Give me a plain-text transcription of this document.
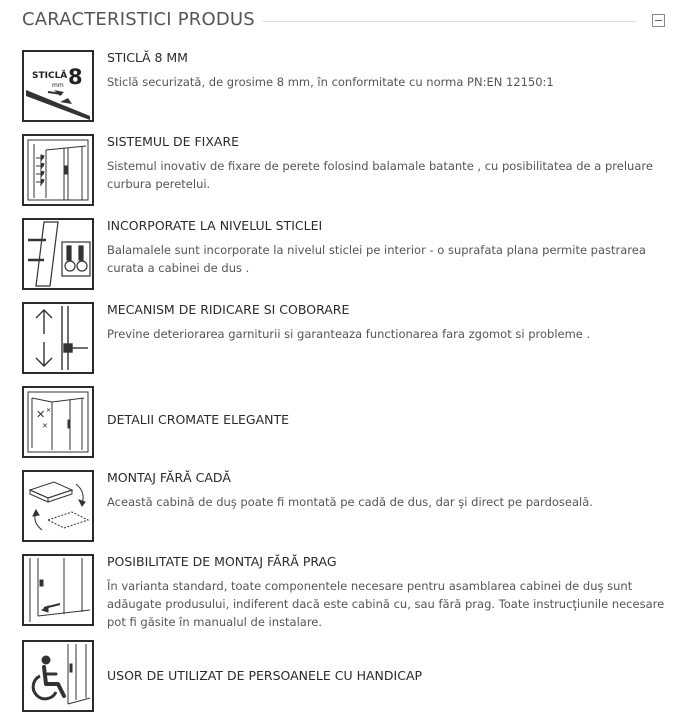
CARACTERISTICI PRODUS
STICLĂ 8
mm
STICLĂ 8 MM
Sticlă securizată, de grosime 8 mm, în conformitate cu norma PN:EN 12150:1
SISTEMUL DE FIXARE
Sistemul inovativ de fixare de perete folosind balamale batante , cu posibilitatea de a preluare curbura peretelui.
INCORPORATE LA NIVELUL STICLEI
Balamalele sunt incorporate la nivelul sticlei pe interior - o suprafata plana permite pastrarea curata a cabinei de dus .
MECANISM DE RIDICARE SI COBORARE
Previne deteriorarea garniturii si garanteaza functionarea fara zgomot si probleme .
✕
✕
✕
DETALII CROMATE ELEGANTE
MONTAJ FĂRĂ CADĂ
Această cabină de duş poate fi montată pe cadă de dus, dar şi direct pe pardoseală.
POSIBILITATE DE MONTAJ FĂRĂ PRAG
În varianta standard, toate componentele necesare pentru asamblarea cabinei de duş sunt adăugate produsului, indiferent dacă este cabină cu, sau fără prag. Toate instrucţiunile necesare pot fi găsite în manualul de instalare.
USOR DE UTILIZAT DE PERSOANELE CU HANDICAP
